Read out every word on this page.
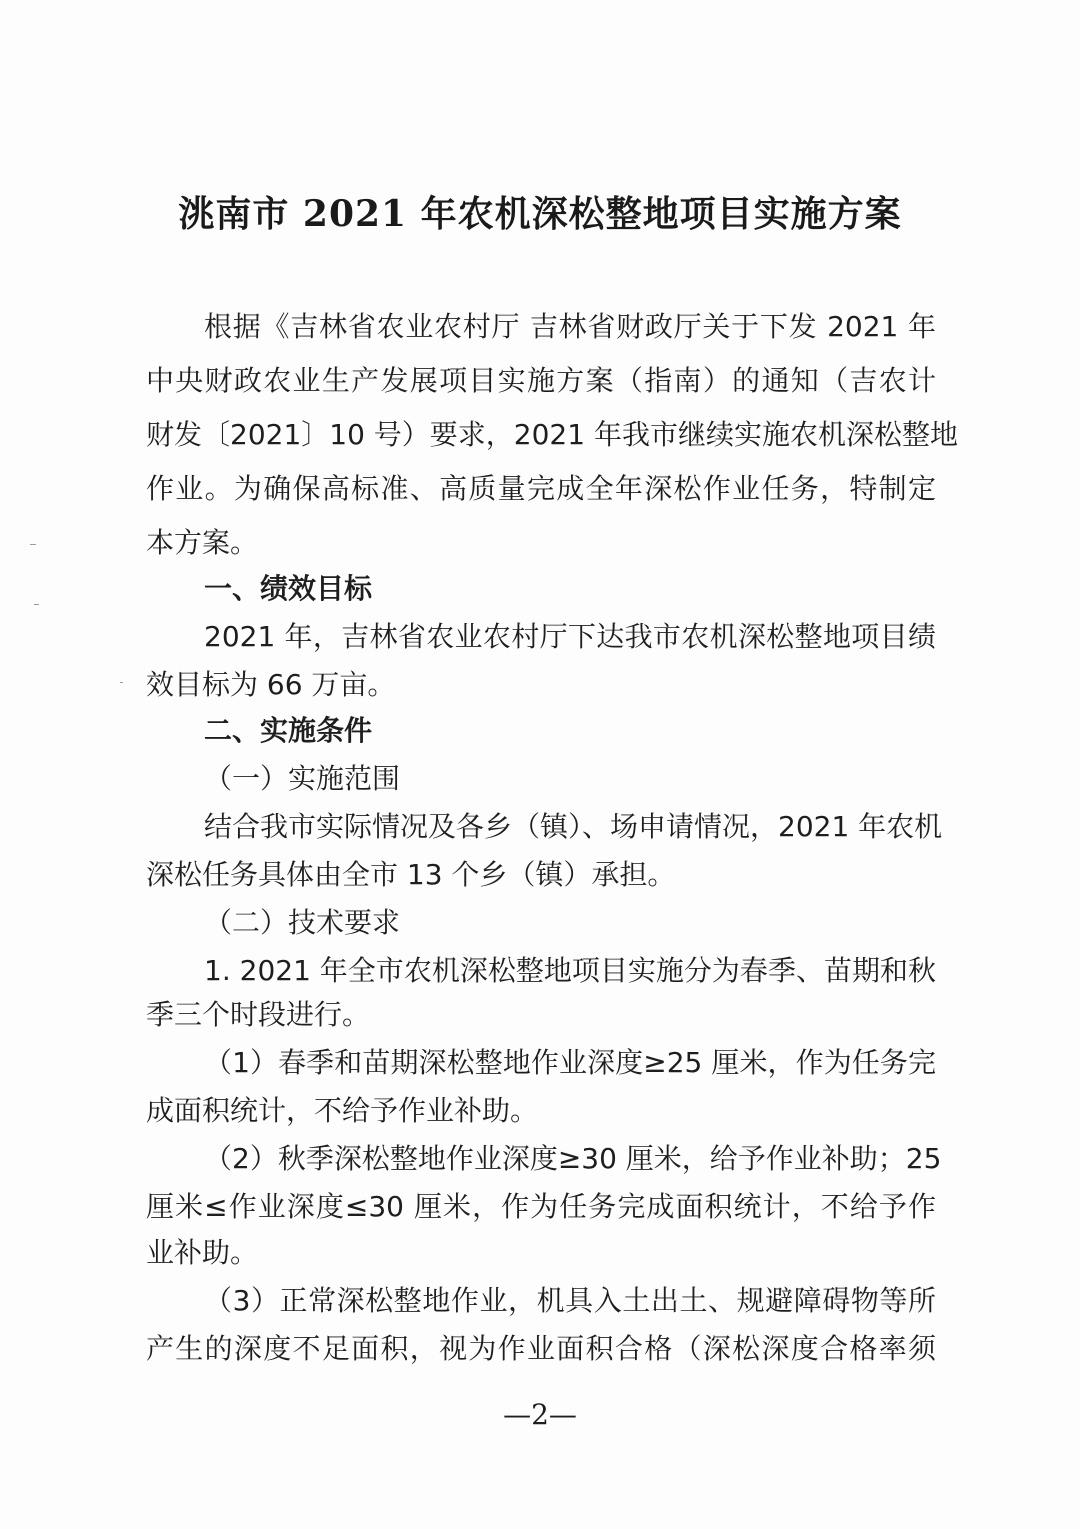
洮南市 2021 年农机深松整地项目实施方案
根据《吉林省农业农村厅 吉林省财政厅关于下发 2021 年
中央财政农业生产发展项目实施方案（指南）的通知（吉农计
财发〔2021〕10 号）要求，2021 年我市继续实施农机深松整地
作业。为确保高标准、高质量完成全年深松作业任务，特制定
本方案。
一、绩效目标
2021 年，吉林省农业农村厅下达我市农机深松整地项目绩
效目标为 66 万亩。
二、实施条件
（一）实施范围
结合我市实际情况及各乡（镇）、场申请情况，2021 年农机
深松任务具体由全市 13 个乡（镇）承担。
（二）技术要求
1. 2021 年全市农机深松整地项目实施分为春季、苗期和秋
季三个时段进行。
（1）春季和苗期深松整地作业深度≥25 厘米，作为任务完
成面积统计，不给予作业补助。
（2）秋季深松整地作业深度≥30 厘米，给予作业补助；25
厘米≤作业深度≤30 厘米，作为任务完成面积统计，不给予作
业补助。
（3）正常深松整地作业，机具入土出土、规避障碍物等所
产生的深度不足面积，视为作业面积合格（深松深度合格率须
—2—
